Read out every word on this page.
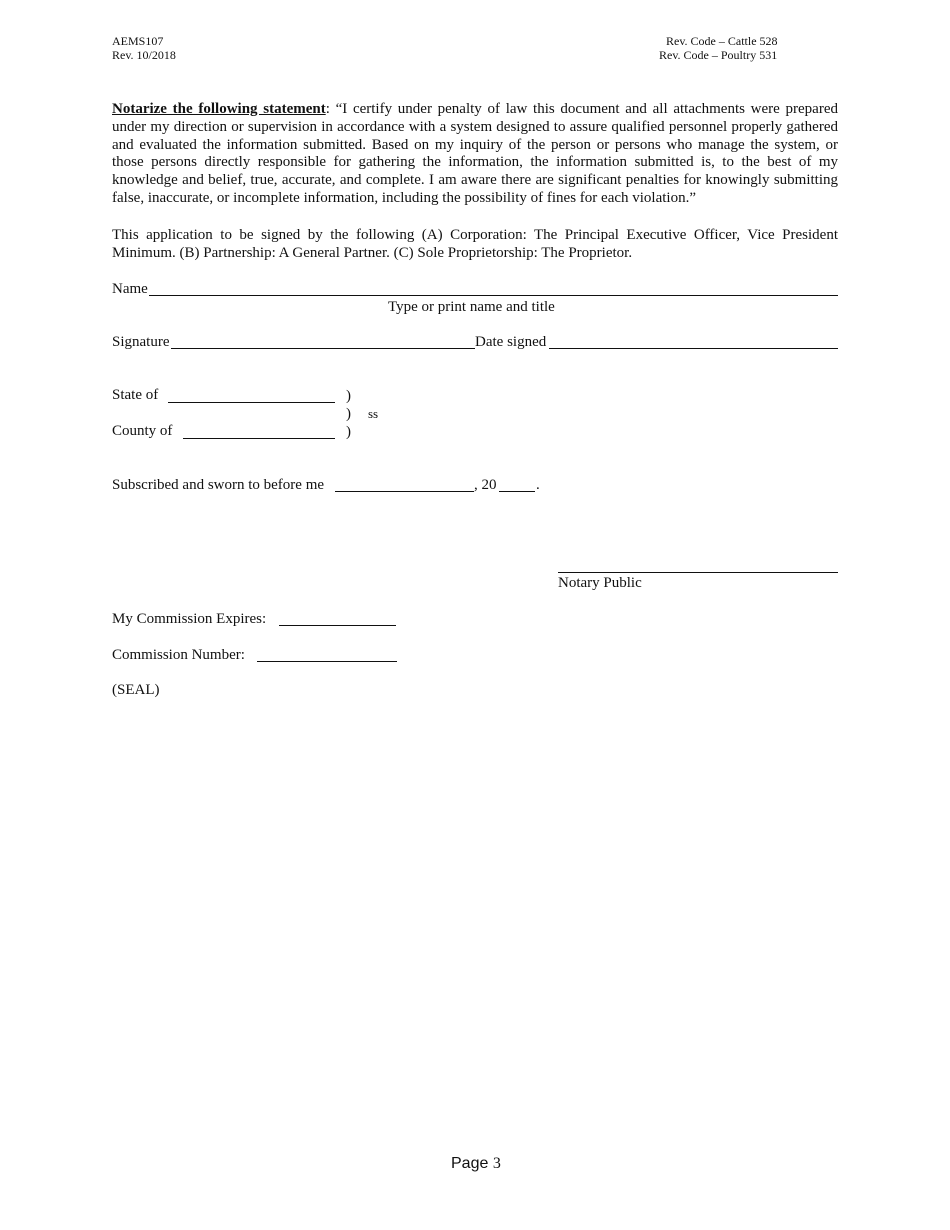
AEMS107
Rev. 10/2018
Rev. Code – Cattle 528
Rev. Code – Poultry 531
Notarize the following statement: “I certify under penalty of law this document and all attachments were prepared under my direction or supervision in accordance with a system designed to assure qualified personnel properly gathered and evaluated the information submitted. Based on my inquiry of the person or persons who manage the system, or those persons directly responsible for gathering the information, the information submitted is, to the best of my knowledge and belief, true, accurate, and complete. I am aware there are significant penalties for knowingly submitting false, inaccurate, or incomplete information, including the possibility of fines for each violation.”
This application to be signed by the following (A) Corporation: The Principal Executive Officer, Vice President Minimum. (B) Partnership: A General Partner. (C) Sole Proprietorship: The Proprietor.
Name
Type or print name and title
Signature	Date signed
State of	)
) ss
)
County of
Subscribed and sworn to before me	, 20	.
Notary Public
My Commission Expires:
Commission Number:
(SEAL)
Page 3
